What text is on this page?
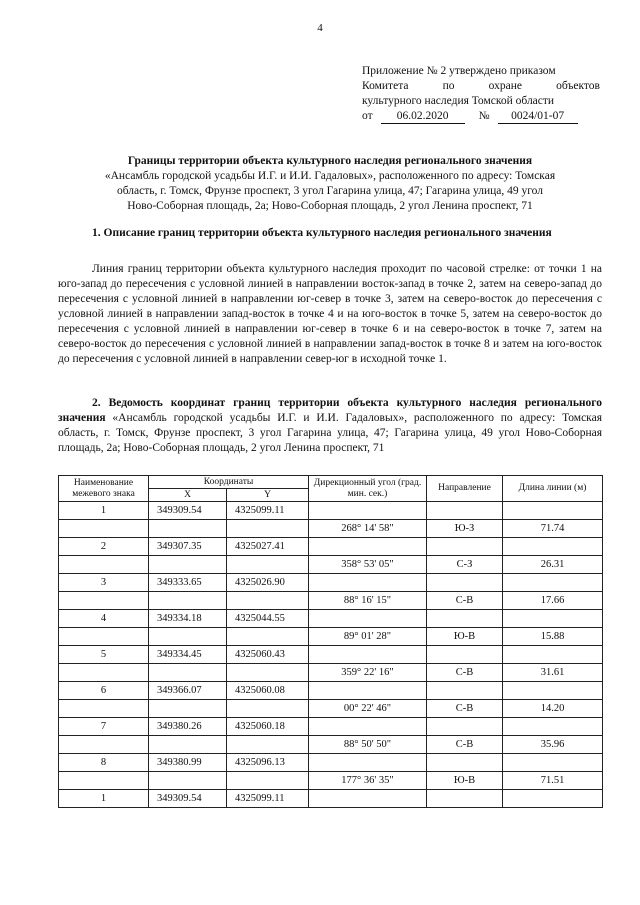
4
Приложение № 2 утверждено приказом
Комитета	по	охране	объектов
культурного наследия Томской области
от 06.02.2020	№ 0024/01-07
Границы территории объекта культурного наследия регионального значения
«Ансамбль городской усадьбы И.Г. и И.И. Гадаловых», расположенного по адресу: Томская
область, г. Томск, Фрунзе проспект, 3 угол Гагарина улица, 47; Гагарина улица, 49 угол
Ново-Соборная площадь, 2а; Ново-Соборная площадь, 2 угол Ленина проспект, 71
1. Описание границ территории объекта культурного наследия регионального значения
Линия границ территории объекта культурного наследия проходит по часовой стрелке: от точки 1 на юго-запад до пересечения с условной линией в направлении восток-запад в точке 2, затем на северо-запад до пересечения с условной линией в направлении юг-север в точке 3, затем на северо-восток до пересечения с условной линией в направлении запад-восток в точке 4 и на юго-восток в точке 5, затем на северо-восток до пересечения с условной линией в направлении юг-север в точке 6 и на северо-восток в точке 7, затем на северо-восток до пересечения с условной линией в направлении запад-восток в точке 8 и затем на юго-восток до пересечения с условной линией в направлении север-юг в исходной точке 1.
2. Ведомость координат границ территории объекта культурного наследия регионального значения «Ансамбль городской усадьбы И.Г. и И.И. Гадаловых», расположенного по адресу: Томская область, г. Томск, Фрунзе проспект, 3 угол Гагарина улица, 47; Гагарина улица, 49 угол Ново-Соборная площадь, 2а; Ново-Соборная площадь, 2 угол Ленина проспект, 71
Наименование межевого знака	Координаты		Дирекционный угол (град. мин. сек.)	Направление	Длина линии (м)
	X	Y			
1	349309.54	4325099.11			
			268° 14' 58"	Ю-З	71.74
2	349307.35	4325027.41			
			358° 53' 05"	С-З	26.31
3	349333.65	4325026.90			
			88° 16' 15"	С-В	17.66
4	349334.18	4325044.55			
			89° 01' 28"	Ю-В	15.88
5	349334.45	4325060.43			
			359° 22' 16"	С-В	31.61
6	349366.07	4325060.08			
			00° 22' 46"	С-В	14.20
7	349380.26	4325060.18			
			88° 50' 50"	С-В	35.96
8	349380.99	4325096.13			
			177° 36' 35"	Ю-В	71.51
1	349309.54	4325099.11			
